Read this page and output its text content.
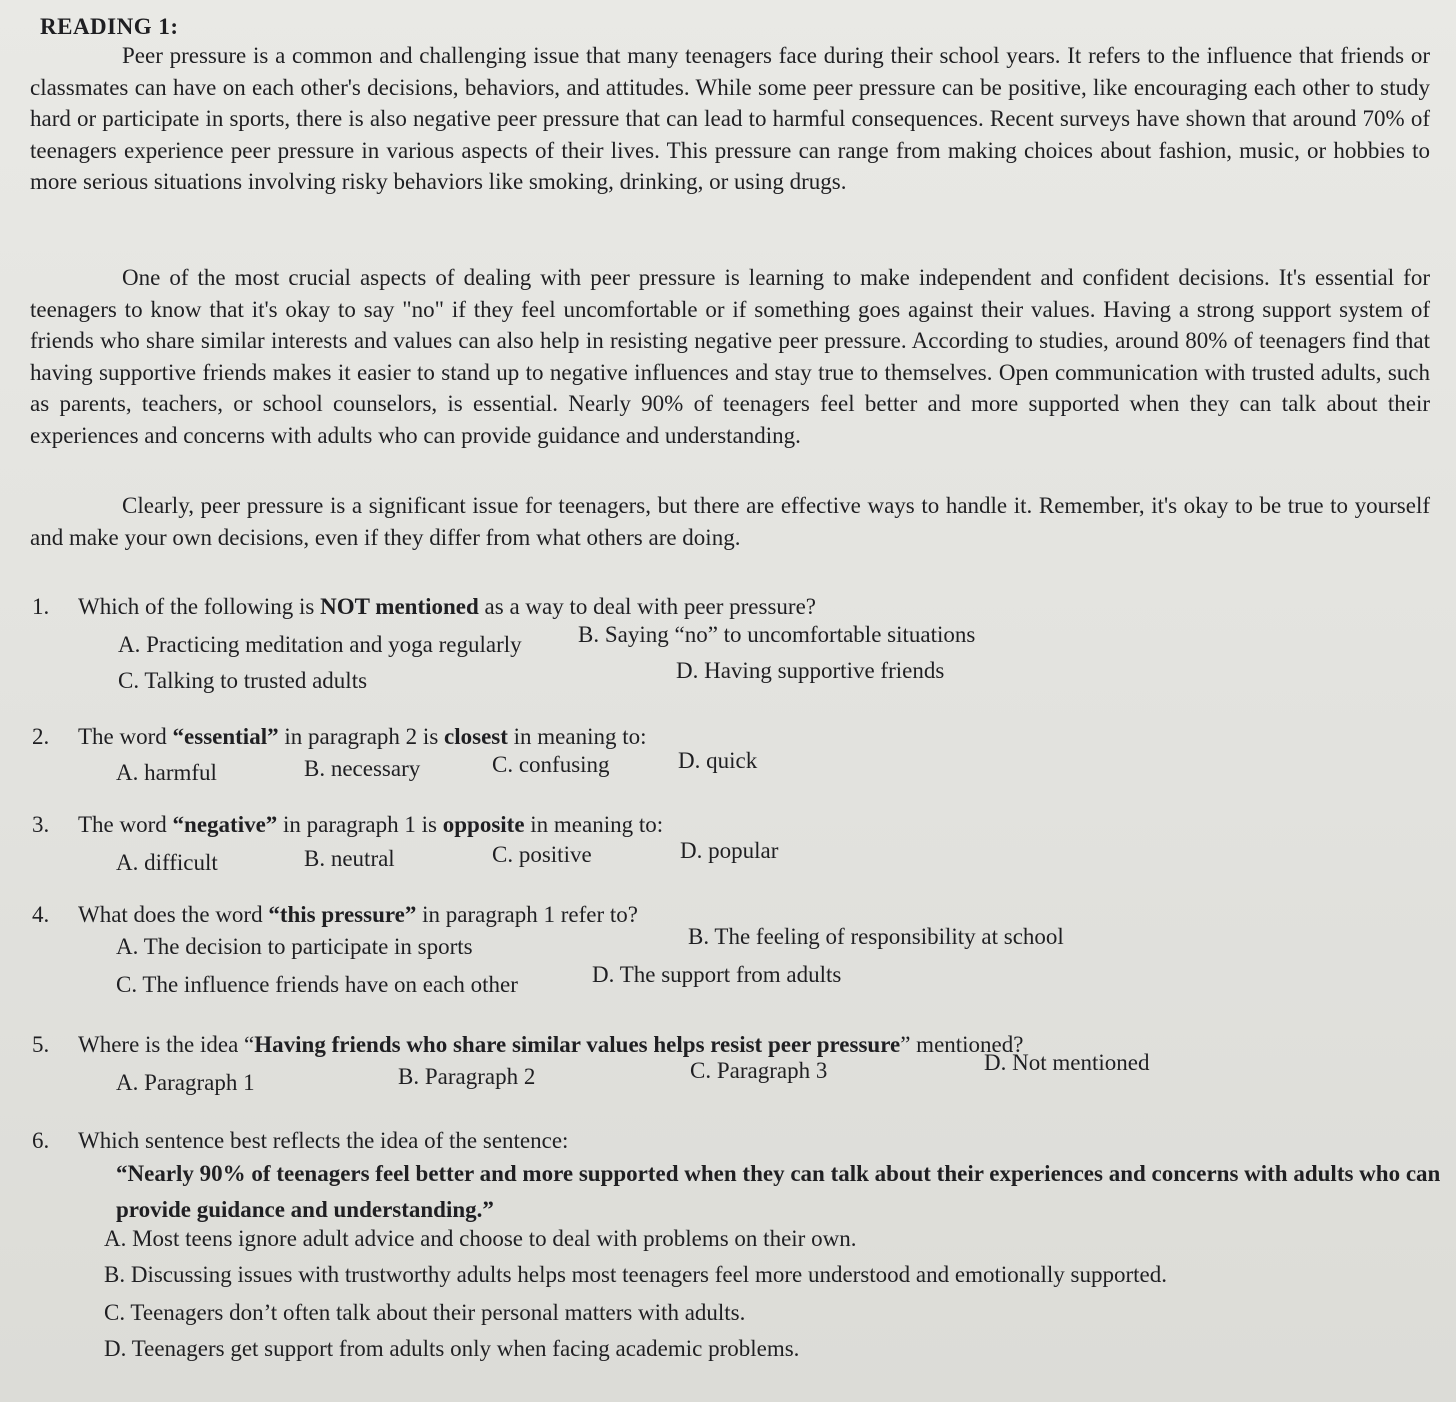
READING 1:
Peer pressure is a common and challenging issue that many teenagers face during their school years. It refers to the influence that friends or classmates can have on each other's decisions, behaviors, and attitudes. While some peer pressure can be positive, like encouraging each other to study hard or participate in sports, there is also negative peer pressure that can lead to harmful consequences. Recent surveys have shown that around 70% of teenagers experience peer pressure in various aspects of their lives. This pressure can range from making choices about fashion, music, or hobbies to more serious situations involving risky behaviors like smoking, drinking, or using drugs.
One of the most crucial aspects of dealing with peer pressure is learning to make independent and confident decisions. It's essential for teenagers to know that it's okay to say "no" if they feel uncomfortable or if something goes against their values. Having a strong support system of friends who share similar interests and values can also help in resisting negative peer pressure. According to studies, around 80% of teenagers find that having supportive friends makes it easier to stand up to negative influences and stay true to themselves. Open communication with trusted adults, such as parents, teachers, or school counselors, is essential. Nearly 90% of teenagers feel better and more supported when they can talk about their experiences and concerns with adults who can provide guidance and understanding.
Clearly, peer pressure is a significant issue for teenagers, but there are effective ways to handle it. Remember, it's okay to be true to yourself and make your own decisions, even if they differ from what others are doing.
1. Which of the following is NOT mentioned as a way to deal with peer pressure?
A. Practicing meditation and yoga regularly B. Saying “no” to uncomfortable situations
C. Talking to trusted adults	D. Having supportive friends
2. The word “essential” in paragraph 2 is closest in meaning to:
A. harmful	B. necessary	C. confusing	D. quick
3. The word “negative” in paragraph 1 is opposite in meaning to:
A. difficult	B. neutral	C. positive	D. popular
4. What does the word “this pressure” in paragraph 1 refer to?
A. The decision to participate in sports	B. The feeling of responsibility at school
C. The influence friends have on each other	D. The support from adults
5. Where is the idea “Having friends who share similar values helps resist peer pressure” mentioned?
A. Paragraph 1	B. Paragraph 2	C. Paragraph 3	D. Not mentioned
6. Which sentence best reflects the idea of the sentence:
“Nearly 90% of teenagers feel better and more supported when they can talk about their experiences and concerns with adults who can provide guidance and understanding.”
A. Most teens ignore adult advice and choose to deal with problems on their own.
B. Discussing issues with trustworthy adults helps most teenagers feel more understood and emotionally supported.
C. Teenagers don’t often talk about their personal matters with adults.
D. Teenagers get support from adults only when facing academic problems.
